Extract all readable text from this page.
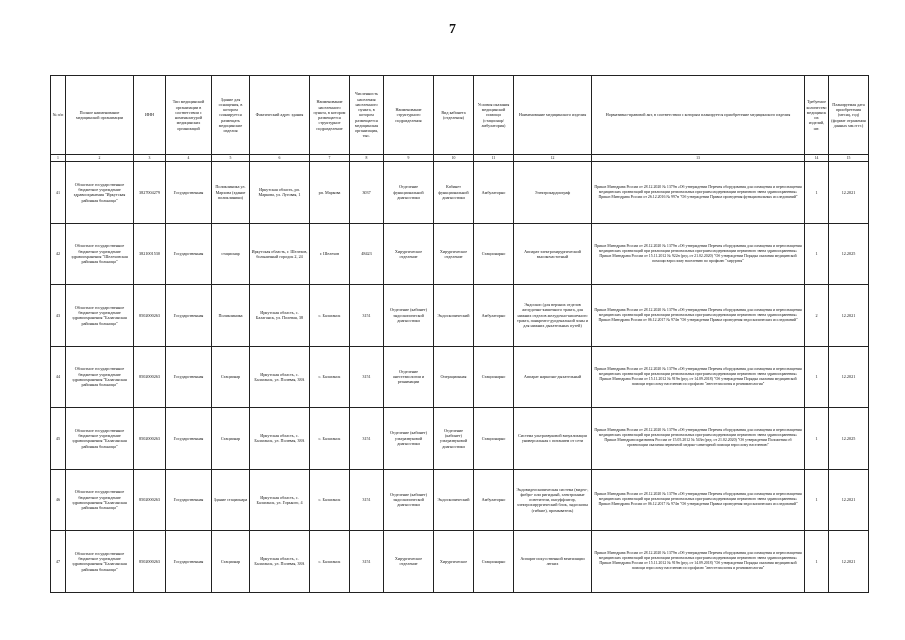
7
№ п/п	Полное наименование медицинской организации	ИНН	Тип медицинской организации в соответствии с номенклатурой медицинских организаций	Здание для оснащения, в котором планируется размещать медицинские изделия	Фактический адрес здания	Наименование населенного пункта, в котором размещается структурное подразделение	Численность населения населенного пункта, в котором размещается медицинская организация, тыс.	Наименование структурного подразделения	Вид кабинета (отделения)	Условия оказания медицинской помощи (стационар/амбулатория)	Наименование медицинского изделия	Нормативно-правовой акт, в соответствии с которым планируется приобретение медицинского изделия	Требуемое количество медицинских изделий, шт.	Планируемая дата приобретения (месяц, год) (формат отражения данных мм.гггг.)
1	2	3	4	5	6	7	8	9	10	11	12	13	14	15
41	Областное государственное бюджетное учреждение здравоохранения "Иркутская районная больница"	3827004279	Государственная	Поликлиника ул. Мархова (здание поликлиники)	Иркутская область, рп. Маркова, ул. Луговая, 1	рп. Маркова	3037	Отделение функциональной диагностики	Кабинет функциональной диагностики	Амбулаторно	Электрокардиограф	Приказ Минздрава России от 28.12.2020 № 1379н «Об утверждении Перечня оборудования для оснащения и переоснащения медицинских организаций при реализации региональных программ модернизации первичного звена здравоохранения» Приказ Минздрава России от 26.12.2016 № 997н "Об утверждении Правил проведения функциональных исследований"	1	12.2021
42	Областное государственное бюджетное учреждение здравоохранения "Шелеховская районная больница"	3821001530	Государственная	стационар	Иркутская область, г. Шелехов, больничный городок 2, 24	г. Шелехов	48423	Хирургическое отделение	Хирургическое отделение	Стационарно	Аппарат электрохирургический высокочастотный	Приказ Минздрава России от 28.12.2020 № 1379н «Об утверждении Перечня оборудования для оснащения и переоснащения медицинских организаций при реализации региональных программ модернизации первичного звена здравоохранения» Приказ Минздрава России от 15.11.2012 № 922н (ред. от 21.02.2020) "Об утверждении Порядка оказания медицинской помощи взрослому населению по профилю "хирургия"	1	12.2025
43	Областное государственное бюджетное учреждение здравоохранения "Балаганская районная больница"	8502000263	Государственная	Поликлиника	Иркутская область, с. Балаганск, ул. Полевая, 38	с. Балаганск	3151	Отделение (кабинет) эндоскопической диагностики	Эндоскопический	Амбулаторно	Эндоскоп (для верхних отделов желудочно-кишечного тракта, для нижних отделов желудочно-кишечного тракта, панкреато-дуоденальной зоны и для нижних дыхательных путей)	Приказ Минздрава России от 28.12.2020 № 1379н «Об утверждении Перечня оборудования для оснащения и переоснащения медицинских организаций при реализации региональных программ модернизации первичного звена здравоохранения» Приказ Минздрава России от 06.12.2017 № 974н "Об утверждении Правил проведения эндоскопических исследований"	2	12.2021
44	Областное государственное бюджетное учреждение здравоохранения "Балаганская районная больница"	8502000263	Государственная	Стационар	Иркутская область, с. Балаганск, ул. Полевая, 38А	с. Балаганск	3151	Отделение анестезиологии и реанимации	Операционная	Стационарно	Аппарат наркозно-дыхательный	Приказ Минздрава России от 28.12.2020 № 1379н «Об утверждении Перечня оборудования для оснащения и переоснащения медицинских организаций при реализации региональных программ модернизации первичного звена здравоохранения» Приказ Минздрава России от 15.11.2012 № 919н (ред. от 14.09.2018) "Об утверждении Порядка оказания медицинской помощи взрослому населению по профилю "анестезиология и реаниматология"	1	12.2021
45	Областное государственное бюджетное учреждение здравоохранения "Балаганская районная больница"	8502000263	Государственная	Стационар	Иркутская область, с. Балаганск, ул. Полевая, 38А	с. Балаганск	3151	Отделение (кабинет) ультразвуковой диагностики	Отделение (кабинет) ультразвуковой диагностики	Стационарно	Система ультразвуковой визуализации универсальная с питанием от сети	Приказ Минздрава России от 28.12.2020 № 1379н «Об утверждении Перечня оборудования для оснащения и переоснащения медицинских организаций при реализации региональных программ модернизации первичного звена здравоохранения» Приказ Минздравсоцразвития России от 15.05.2012 № 543н (ред. от 21.02.2020) "Об утверждении Положения об организации оказания первичной медико-санитарной помощи взрослому населению"	1	12.2025
46	Областное государственное бюджетное учреждение здравоохранения "Балаганская районная больница"	8502000263	Государственная	Здание стационара	Иркутская область, с. Балаганск, ул. Горького, 4	с. Балаганск	3151	Отделение (кабинет) эндоскопической диагностики	Эндоскопический	Амбулаторно	Эндовидеоскопическая система (видео-, фибро- или ригидный, электронные осветители, инсуффлятор, электрохирургический блок, эндоскопы (гибкие), промыватель)	Приказ Минздрава России от 28.12.2020 № 1379н «Об утверждении Перечня оборудования для оснащения и переоснащения медицинских организаций при реализации региональных программ модернизации первичного звена здравоохранения» Приказ Минздрава России от 06.12.2017 № 974н "Об утверждении Правил проведения эндоскопических исследований"	1	12.2021
47	Областное государственное бюджетное учреждение здравоохранения "Балаганская районная больница"	8502000263	Государственная	Стационар	Иркутская область, с. Балаганск, ул. Полевая, 38А	с. Балаганск	3151	Хирургическое отделение	Хирургическое	Стационарно	Аппарат искусственной вентиляции легких	Приказ Минздрава России от 28.12.2020 № 1379н «Об утверждении Перечня оборудования для оснащения и переоснащения медицинских организаций при реализации региональных программ модернизации первичного звена здравоохранения» Приказ Минздрава России от 15.11.2012 № 919н (ред. от 14.09.2018) "Об утверждении Порядка оказания медицинской помощи взрослому населению по профилю "анестезиология и реаниматология"	1	12.2021
